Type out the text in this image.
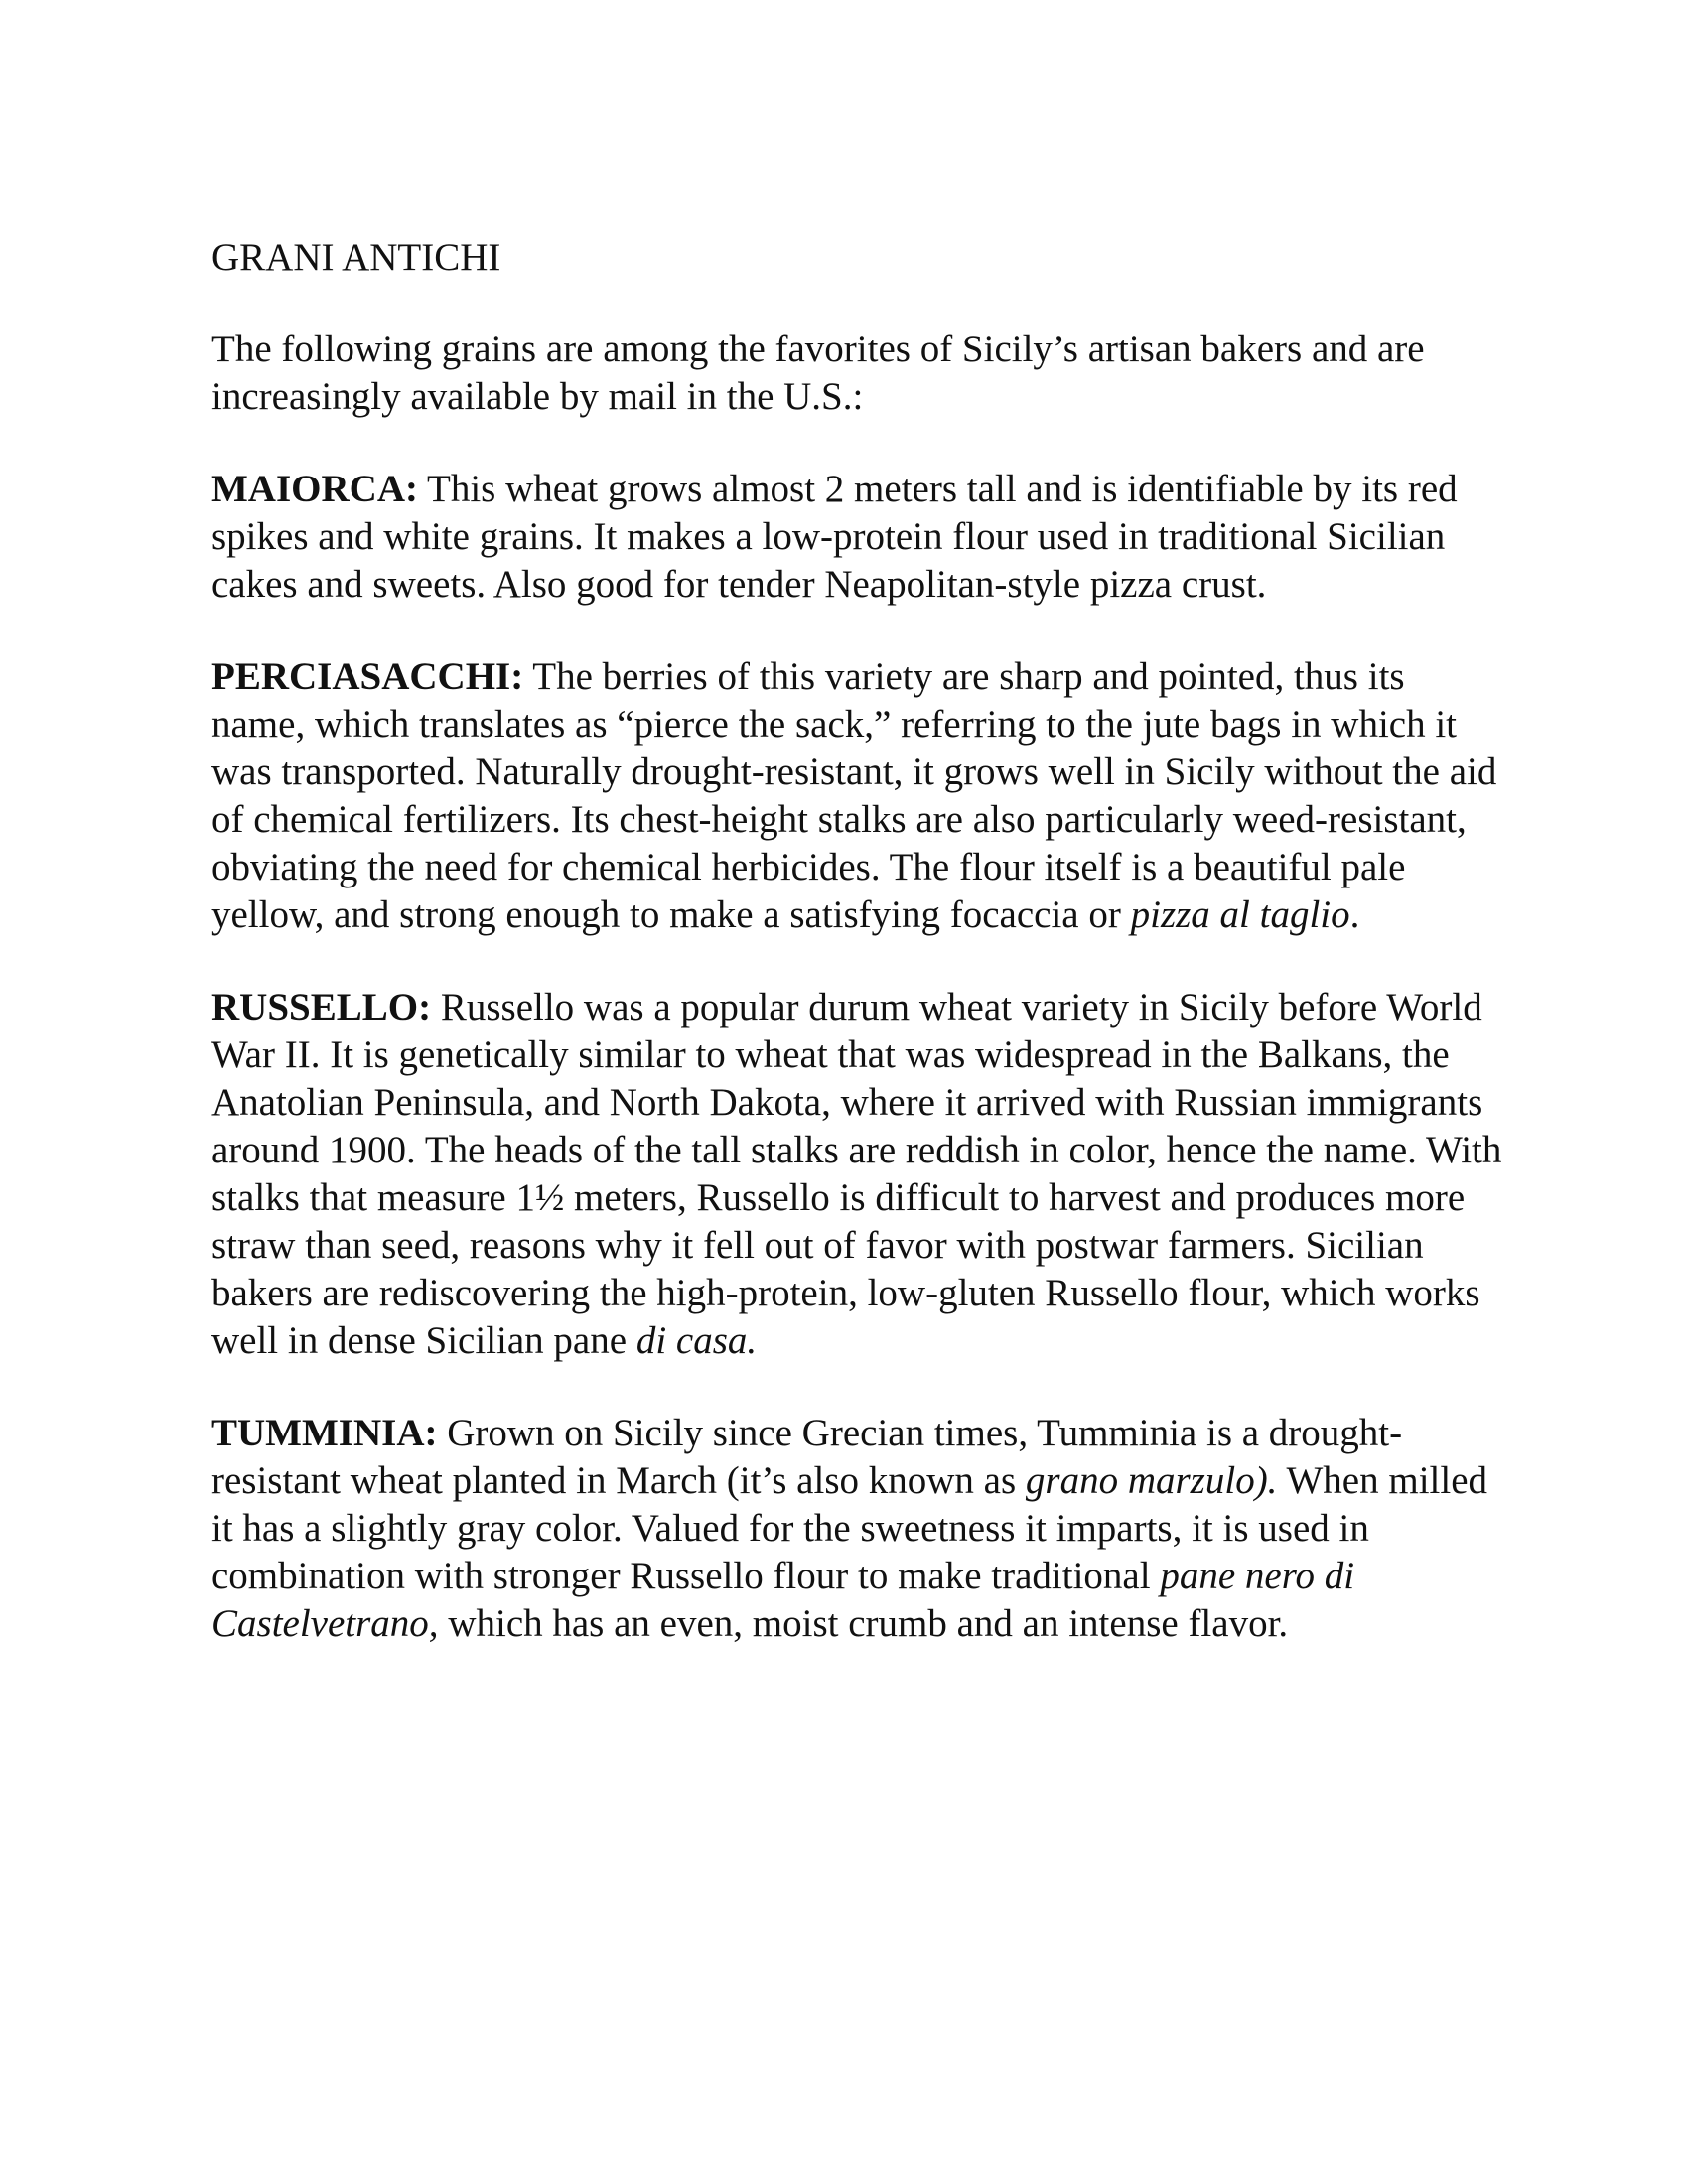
GRANI ANTICHI
The following grains are among the favorites of Sicily’s artisan bakers and are increasingly available by mail in the U.S.:
MAIORCA: This wheat grows almost 2 meters tall and is identifiable by its red spikes and white grains. It makes a low-protein flour used in traditional Sicilian cakes and sweets. Also good for tender Neapolitan-style pizza crust.
PERCIASACCHI: The berries of this variety are sharp and pointed, thus its name, which translates as “pierce the sack,” referring to the jute bags in which it was transported. Naturally drought-resistant, it grows well in Sicily without the aid of chemical fertilizers. Its chest-height stalks are also particularly weed-resistant, obviating the need for chemical herbicides. The flour itself is a beautiful pale yellow, and strong enough to make a satisfying focaccia or pizza al taglio.
RUSSELLO: Russello was a popular durum wheat variety in Sicily before World War II. It is genetically similar to wheat that was widespread in the Balkans, the Anatolian Peninsula, and North Dakota, where it arrived with Russian immigrants around 1900. The heads of the tall stalks are reddish in color, hence the name. With stalks that measure 1½ meters, Russello is difficult to harvest and produces more straw than seed, reasons why it fell out of favor with postwar farmers. Sicilian bakers are rediscovering the high-protein, low-gluten Russello flour, which works well in dense Sicilian pane di casa.
TUMMINIA: Grown on Sicily since Grecian times, Tumminia is a drought-resistant wheat planted in March (it’s also known as grano marzulo). When milled it has a slightly gray color. Valued for the sweetness it imparts, it is used in combination with stronger Russello flour to make traditional pane nero di Castelvetrano, which has an even, moist crumb and an intense flavor.
